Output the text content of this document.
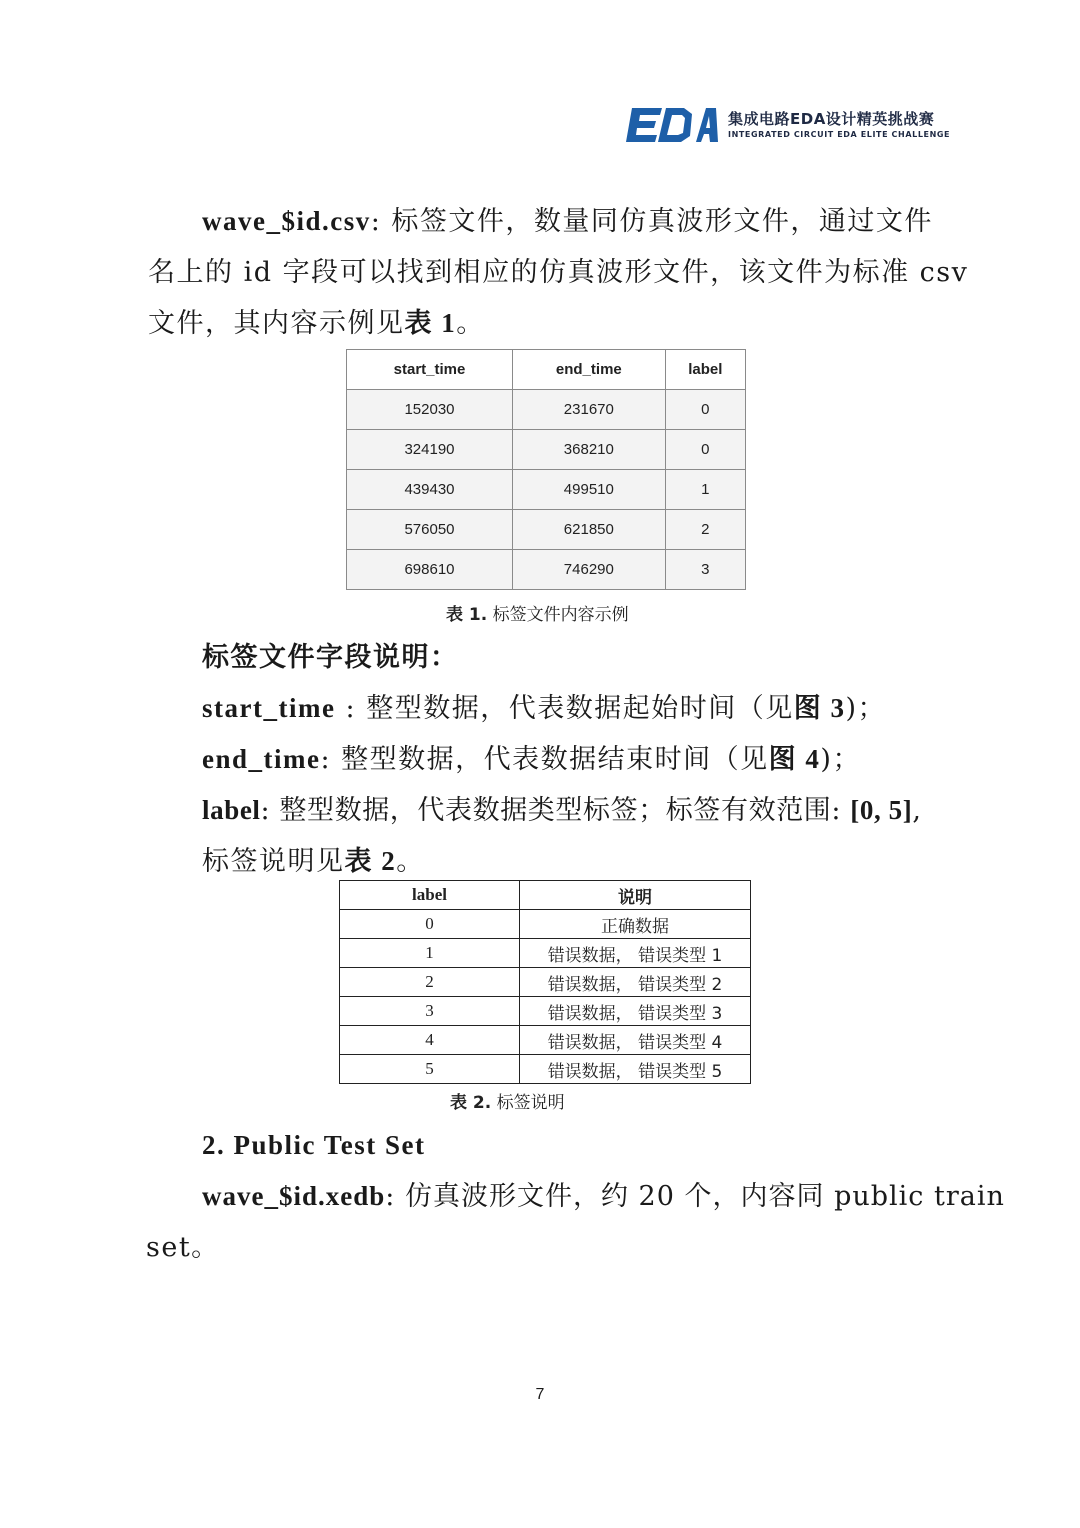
集成电路EDA设计精英挑战赛
INTEGRATED CIRCUIT EDA ELITE CHALLENGE
wave_$id.csv: 标签文件，数量同仿真波形文件，通过文件
名上的 id 字段可以找到相应的仿真波形文件，该文件为标准 csv
文件，其内容示例见表 1。
start_time	end_time	label
152030	231670	0
324190	368210	0
439430	499510	1
576050	621850	2
698610	746290	3
表 1. 标签文件内容示例
标签文件字段说明：
start_time : 整型数据，代表数据起始时间（见图 3)；
end_time: 整型数据，代表数据结束时间（见图 4)；
label: 整型数据，代表数据类型标签；标签有效范围: [0, 5],
标签说明见表 2。
label	说明
0	正确数据
1	错误数据， 错误类型 1
2	错误数据， 错误类型 2
3	错误数据， 错误类型 3
4	错误数据， 错误类型 4
5	错误数据， 错误类型 5
表 2. 标签说明
2. Public Test Set
wave_$id.xedb: 仿真波形文件，约 20 个，内容同 public train
set。
7
